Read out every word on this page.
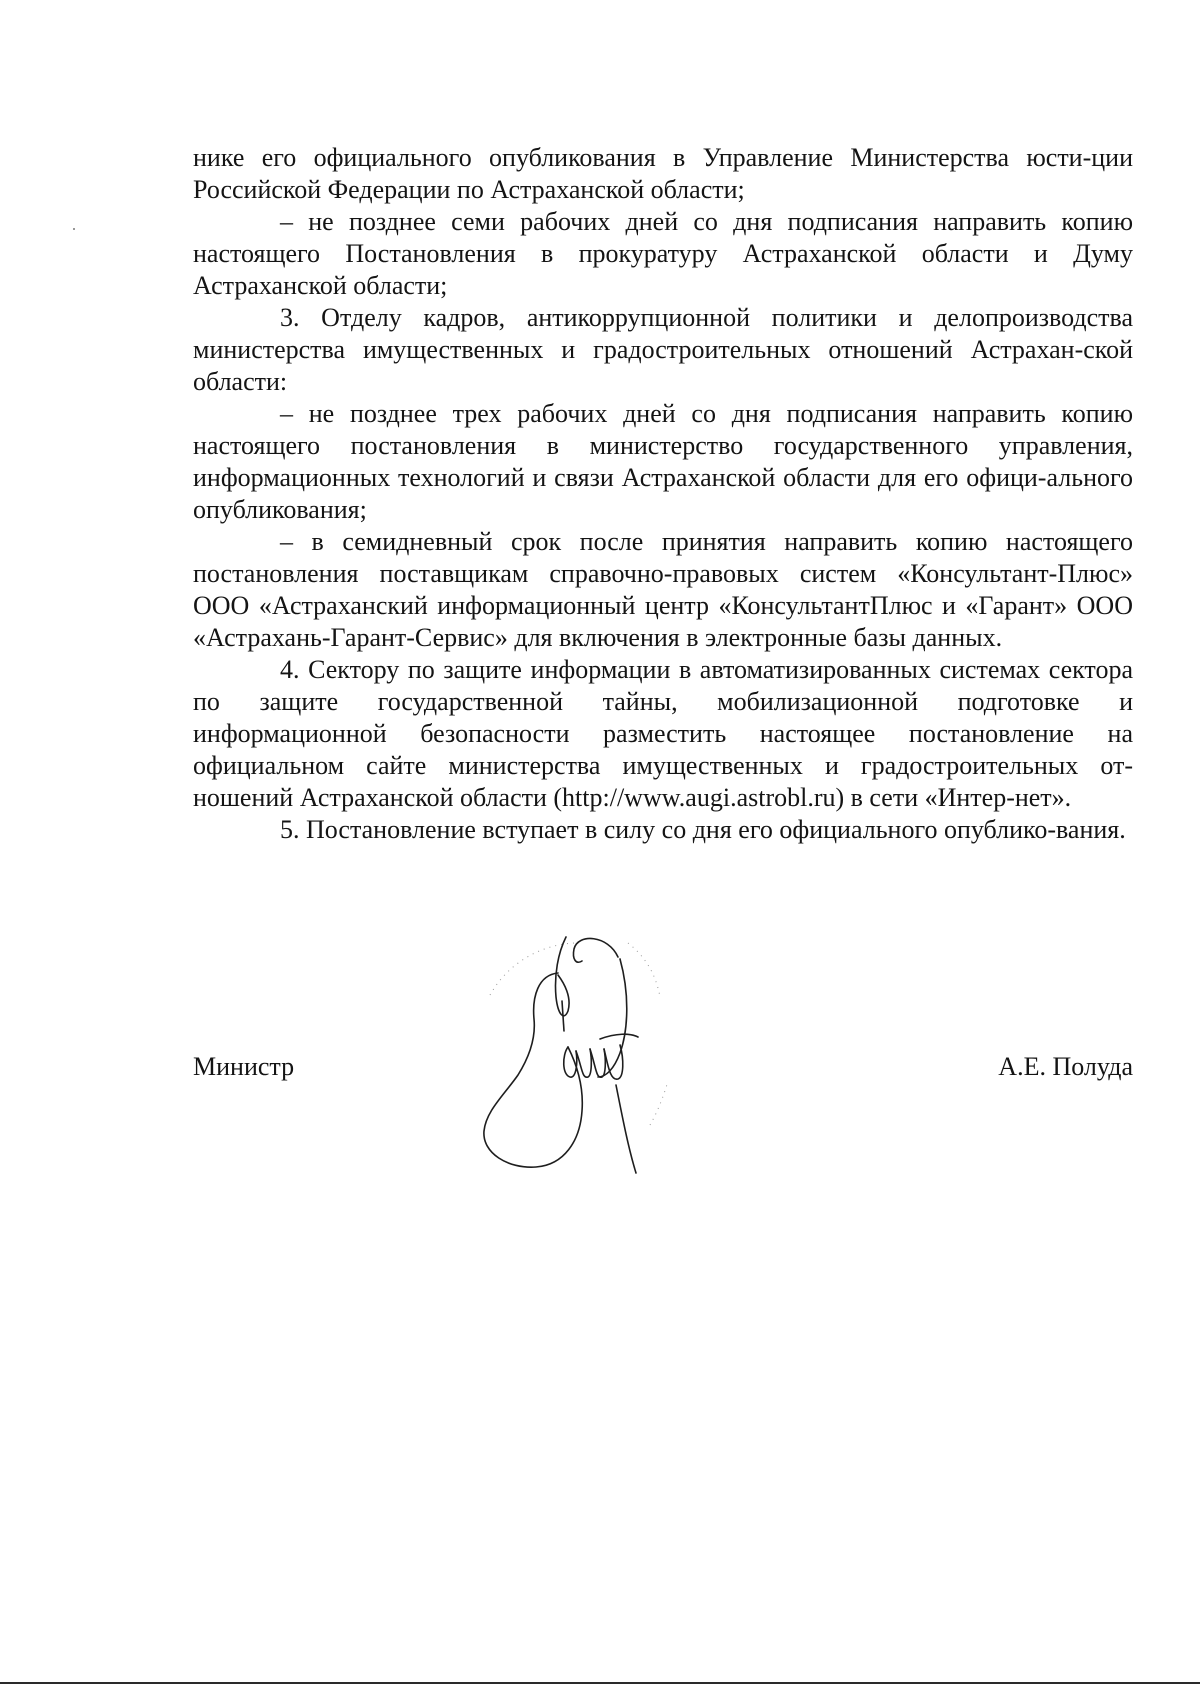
нике его официального опубликования в Управление Министерства юсти-ции Российской Федерации по Астраханской области;

– не позднее семи рабочих дней со дня подписания направить копию настоящего Постановления в прокуратуру Астраханской области и Думу Астраханской области;

3. Отделу кадров, антикоррупционной политики и делопроизводства министерства имущественных и градостроительных отношений Астрахан-ской области:

– не позднее трех рабочих дней со дня подписания направить копию настоящего постановления в министерство государственного управления, информационных технологий и связи Астраханской области для его офици-ального опубликования;

– в семидневный срок после принятия направить копию настоящего постановления поставщикам справочно-правовых систем «Консультант-Плюс» ООО «Астраханский информационный центр «КонсультантПлюс и «Гарант» ООО «Астрахань-Гарант-Сервис» для включения в электронные базы данных.

4. Сектору по защите информации в автоматизированных системах сектора по защите государственной тайны, мобилизационной подготовке и информационной безопасности разместить настоящее постановление на официальном сайте министерства имущественных и градостроительных от-ношений Астраханской области (http://www.augi.astrobl.ru) в сети «Интер-нет».

5. Постановление вступает в силу со дня его официального опублико-вания.

Министр	А.Е. Полуда
